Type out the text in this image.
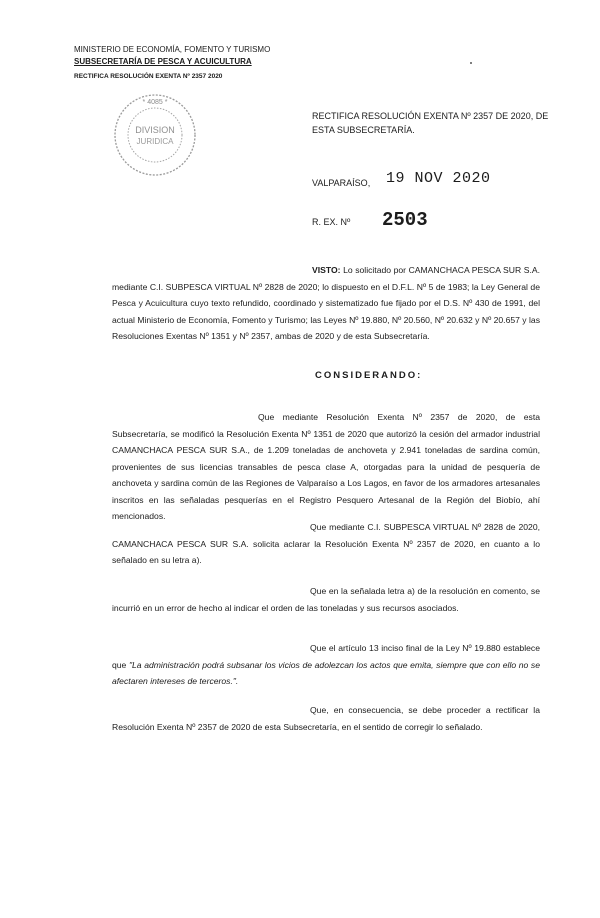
MINISTERIO DE ECONOMÍA, FOMENTO Y TURISMO
SUBSECRETARÍA DE PESCA Y ACUICULTURA
RECTIFICA RESOLUCIÓN EXENTA Nº 2357 2020
* 4085 *
DIVISION
JURIDICA
RECTIFICA RESOLUCIÓN EXENTA Nº 2357 DE 2020, DE ESTA SUBSECRETARÍA.
VALPARAÍSO, 19 NOV 2020
R. EX. Nº 2503
VISTO: Lo solicitado por CAMANCHACA PESCA SUR S.A. mediante C.I. SUBPESCA VIRTUAL Nº 2828 de 2020; lo dispuesto en el D.F.L. Nº 5 de 1983; la Ley General de Pesca y Acuicultura cuyo texto refundido, coordinado y sistematizado fue fijado por el D.S. Nº 430 de 1991, del actual Ministerio de Economía, Fomento y Turismo; las Leyes Nº 19.880, Nº 20.560, Nº 20.632 y Nº 20.657 y las Resoluciones Exentas Nº 1351 y Nº 2357, ambas de 2020 y de esta Subsecretaría.
CONSIDERANDO:
Que mediante Resolución Exenta Nº 2357 de 2020, de esta Subsecretaría, se modificó la Resolución Exenta Nº 1351 de 2020 que autorizó la cesión del armador industrial CAMANCHACA PESCA SUR S.A., de 1.209 toneladas de anchoveta y 2.941 toneladas de sardina común, provenientes de sus licencias transables de pesca clase A, otorgadas para la unidad de pesquería de anchoveta y sardina común de las Regiones de Valparaíso a Los Lagos, en favor de los armadores artesanales inscritos en las señaladas pesquerías en el Registro Pesquero Artesanal de la Región del Biobío, ahí mencionados.
Que mediante C.I. SUBPESCA VIRTUAL Nº 2828 de 2020, CAMANCHACA PESCA SUR S.A. solicita aclarar la Resolución Exenta Nº 2357 de 2020, en cuanto a lo señalado en su letra a).
Que en la señalada letra a) de la resolución en comento, se incurrió en un error de hecho al indicar el orden de las toneladas y sus recursos asociados.
Que el artículo 13 inciso final de la Ley Nº 19.880 establece que "La administración podrá subsanar los vicios de adolezcan los actos que emita, siempre que con ello no se afectaren intereses de terceros.".
Que, en consecuencia, se debe proceder a rectificar la Resolución Exenta Nº 2357 de 2020 de esta Subsecretaría, en el sentido de corregir lo señalado.
